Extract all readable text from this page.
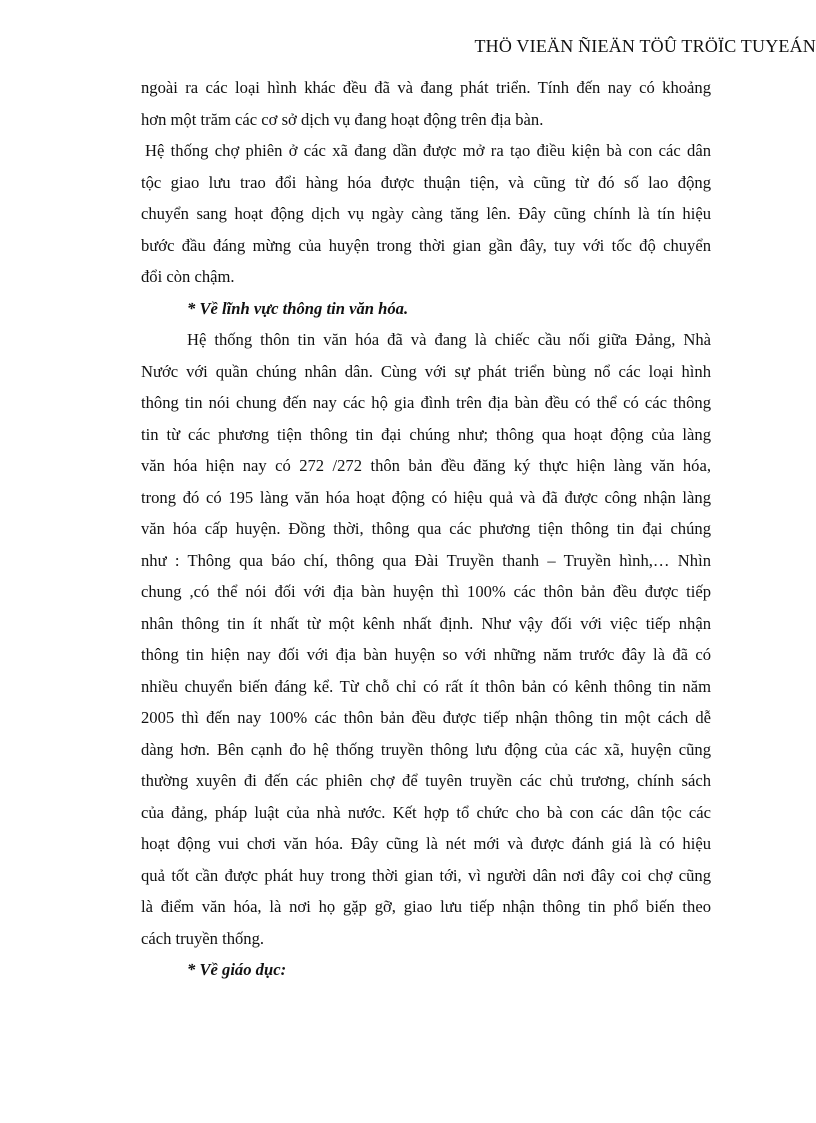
THÖ VIEÄN ÑIEÄN TÖÛ TRÖÏC TUYEÁN
ngoài ra các loại hình khác đều đã và đang phát triển. Tính đến nay có khoảng
hơn một trăm các cơ sở dịch vụ đang hoạt động trên địa bàn.
Hệ thống chợ phiên ở các xã đang dần được mở ra tạo điều kiện bà con các dân
tộc giao lưu trao đổi hàng hóa được thuận tiện, và cũng từ đó số lao động
chuyển sang hoạt động dịch vụ ngày càng tăng lên. Đây cũng chính là tín hiệu
bước đầu đáng mừng của huyện trong thời gian gần đây, tuy với tốc độ chuyển
đổi còn chậm.
* Về lĩnh vực thông tin văn hóa.
Hệ thống thôn tin văn hóa đã và đang là chiếc cầu nối giữa Đảng, Nhà
Nước với quần chúng nhân dân. Cùng với sự phát triển bùng nổ các loại hình
thông tin nói chung đến nay các hộ gia đình trên địa bàn đều có thể có các thông
tin từ các phương tiện thông tin đại chúng như; thông qua hoạt động của làng
văn hóa hiện nay có 272 /272 thôn bản đều đăng ký thực hiện làng văn hóa,
trong đó có 195 làng văn hóa hoạt động có hiệu quả và đã được công nhận làng
văn hóa cấp huyện. Đồng thời, thông qua các phương tiện thông tin đại chúng
như : Thông qua báo chí, thông qua Đài Truyền thanh – Truyền hình,… Nhìn
chung ,có thể nói đối với địa bàn huyện thì 100% các thôn bản đều được tiếp
nhân thông tin ít nhất từ một kênh nhất định. Như vậy đối với việc tiếp nhận
thông tin hiện nay đối với địa bàn huyện so với những năm trước đây là đã có
nhiều chuyển biến đáng kể. Từ chỗ chỉ có rất ít thôn bản có kênh thông tin năm
2005 thì đến nay 100% các thôn bản đều được tiếp nhận thông tin một cách dễ
dàng hơn. Bên cạnh đo hệ thống truyền thông lưu động của các xã, huyện cũng
thường xuyên đi đến các phiên chợ để tuyên truyền các chủ trương, chính sách
của đảng, pháp luật của nhà nước. Kết hợp tổ chức cho bà con các dân tộc các
hoạt động vui chơi văn hóa. Đây cũng là nét mới và được đánh giá là có hiệu
quả tốt cần được phát huy trong thời gian tới, vì người dân nơi đây coi chợ cũng
là điểm văn hóa, là nơi họ gặp gỡ, giao lưu tiếp nhận thông tin phổ biến theo
cách truyền thống.
* Về giáo dục:
